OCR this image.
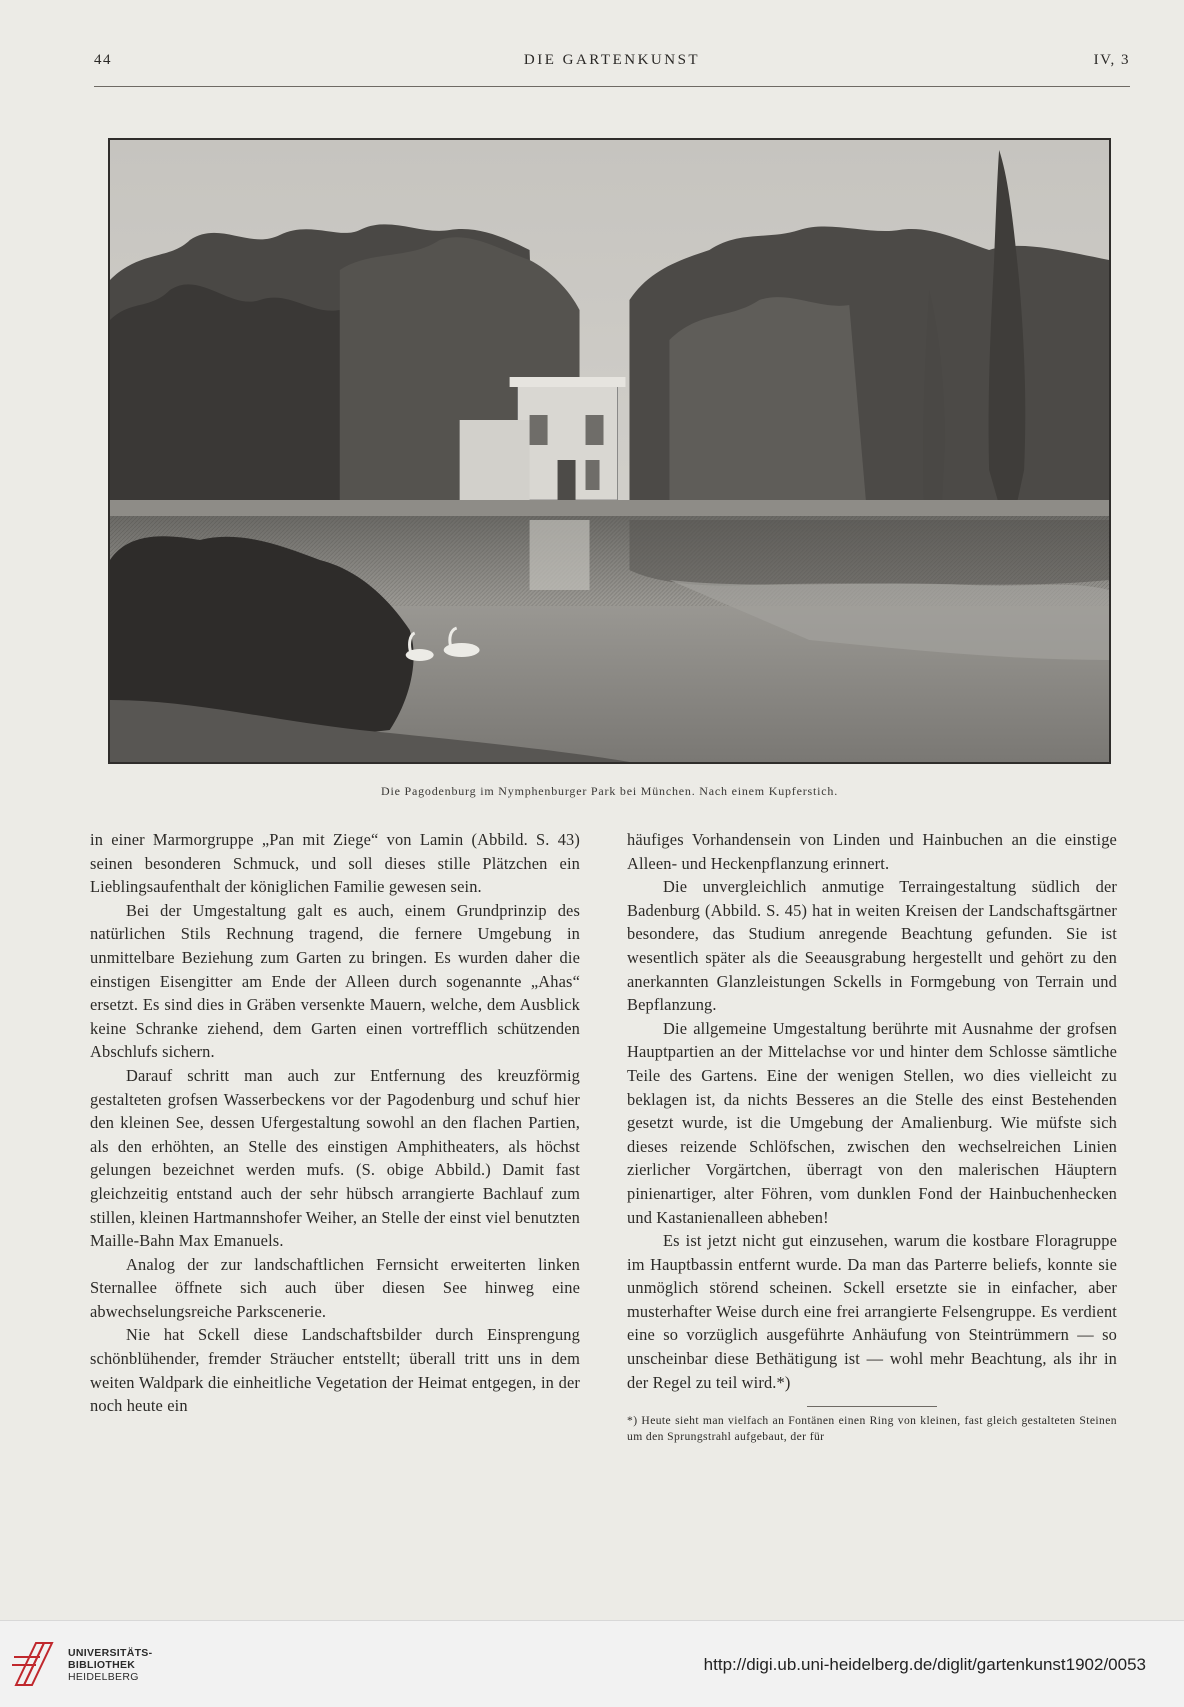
44	DIE GARTENKUNST	IV, 3
Die Pagodenburg im Nymphenburger Park bei München. Nach einem Kupferstich.

in einer Marmorgruppe „Pan mit Ziege“ von Lamin (Abbild. S. 43) seinen besonderen Schmuck, und soll dieses stille Plätzchen ein Lieblingsaufenthalt der königlichen Familie gewesen sein.

Bei der Umgestaltung galt es auch, einem Grundprinzip des natürlichen Stils Rechnung tragend, die fernere Umgebung in unmittelbare Beziehung zum Garten zu bringen. Es wurden daher die einstigen Eisengitter am Ende der Alleen durch sogenannte „Ahas“ ersetzt. Es sind dies in Gräben versenkte Mauern, welche, dem Ausblick keine Schranke ziehend, dem Garten einen vortrefflich schützenden Abschlufs sichern.

Darauf schritt man auch zur Entfernung des kreuzförmig gestalteten grofsen Wasserbeckens vor der Pagodenburg und schuf hier den kleinen See, dessen Ufergestaltung sowohl an den flachen Partien, als den erhöhten, an Stelle des einstigen Amphitheaters, als höchst gelungen bezeichnet werden mufs. (S. obige Abbild.) Damit fast gleichzeitig entstand auch der sehr hübsch arrangierte Bachlauf zum stillen, kleinen Hartmannshofer Weiher, an Stelle der einst viel benutzten Maille-Bahn Max Emanuels.

Analog der zur landschaftlichen Fernsicht erweiterten linken Sternallee öffnete sich auch über diesen See hinweg eine abwechselungsreiche Parkscenerie.

Nie hat Sckell diese Landschaftsbilder durch Einsprengung schönblühender, fremder Sträucher entstellt; überall tritt uns in dem weiten Waldpark die einheitliche Vegetation der Heimat entgegen, in der noch heute ein

häufiges Vorhandensein von Linden und Hainbuchen an die einstige Alleen- und Heckenpflanzung erinnert.

Die unvergleichlich anmutige Terraingestaltung südlich der Badenburg (Abbild. S. 45) hat in weiten Kreisen der Landschaftsgärtner besondere, das Studium anregende Beachtung gefunden. Sie ist wesentlich später als die Seeausgrabung hergestellt und gehört zu den anerkannten Glanzleistungen Sckells in Formgebung von Terrain und Bepflanzung.

Die allgemeine Umgestaltung berührte mit Ausnahme der grofsen Hauptpartien an der Mittelachse vor und hinter dem Schlosse sämtliche Teile des Gartens. Eine der wenigen Stellen, wo dies vielleicht zu beklagen ist, da nichts Besseres an die Stelle des einst Bestehenden gesetzt wurde, ist die Umgebung der Amalienburg. Wie müfste sich dieses reizende Schlöfschen, zwischen den wechselreichen Linien zierlicher Vorgärtchen, überragt von den malerischen Häuptern pinienartiger, alter Föhren, vom dunklen Fond der Hainbuchenhecken und Kastanienalleen abheben!

Es ist jetzt nicht gut einzusehen, warum die kostbare Floragruppe im Hauptbassin entfernt wurde. Da man das Parterre beliefs, konnte sie unmöglich störend scheinen. Sckell ersetzte sie in einfacher, aber musterhafter Weise durch eine frei arrangierte Felsengruppe. Es verdient eine so vorzüglich ausgeführte Anhäufung von Steintrümmern — so unscheinbar diese Bethätigung ist — wohl mehr Beachtung, als ihr in der Regel zu teil wird.*)

*) Heute sieht man vielfach an Fontänen einen Ring von kleinen, fast gleich gestalteten Steinen um den Sprungstrahl aufgebaut, der für

UNIVERSITÄTS-
BIBLIOTHEK
HEIDELBERG
http://digi.ub.uni-heidelberg.de/diglit/gartenkunst1902/0053
